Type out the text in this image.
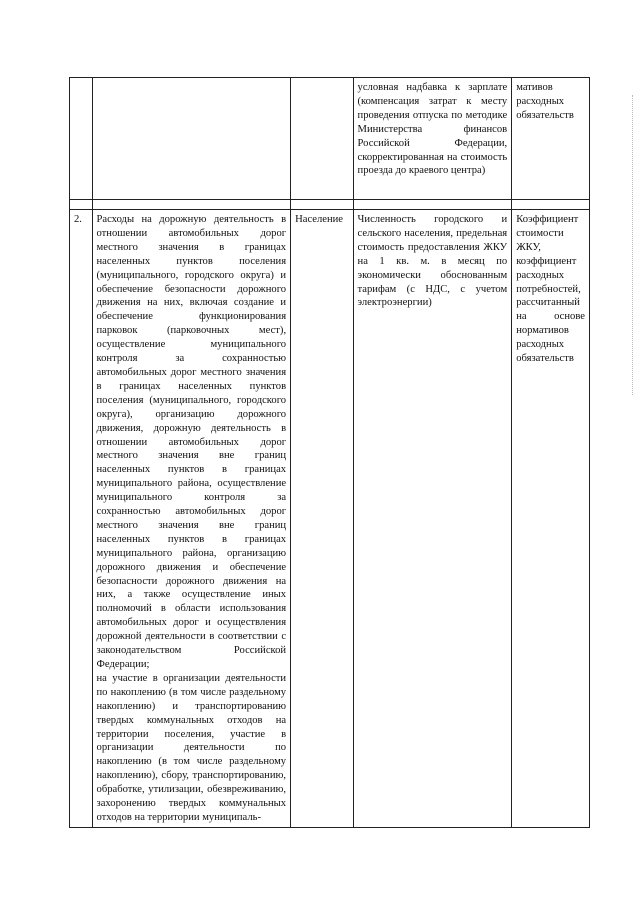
			условная надбавка к зарплате (компенсация затрат к месту проведения отпуска по методике Министерства финансов Российской Федерации, скорректированная на стоимость проезда до краевого центра)	мативов расходных обязательств

2.	Расходы на дорожную деятельность в отношении автомобильных дорог местного значения в границах населенных пунктов поселения (муниципального, городского округа) и обеспечение безопасности дорожного движения на них, включая создание и обеспечение функционирования парковок (парковочных мест), осуществление муниципального контроля за сохранностью автомобильных дорог местного значения в границах населенных пунктов поселения (муниципального, городского округа), организацию дорожного движения, дорожную деятельность в отношении автомобильных дорог местного значения вне границ населенных пунктов в границах муниципального района, осуществление муниципального контроля за сохранностью автомобильных дорог местного значения вне границ населенных пунктов в границах муниципального района, организацию дорожного движения и обеспечение безопасности дорожного движения на них, а также осуществление иных полномочий в области использования автомобильных дорог и осуществления дорожной деятельности в соответствии с законодательством Российской Федерации;
на участие в организации деятельности по накоплению (в том числе раздельному накоплению) и транспортированию твердых коммунальных отходов на территории поселения, участие в организации деятельности по накоплению (в том числе раздельному накоплению), сбору, транспортированию, обработке, утилизации, обезвреживанию, захоронению твердых коммунальных отходов на территории муниципаль-	Население	Численность городского и сельского населения, предельная стоимость предоставления ЖКУ на 1 кв. м. в месяц по экономически обоснованным тарифам (с НДС, с учетом электроэнергии)	Коэффициент стоимости ЖКУ, коэффициент расходных потребностей, рассчитанный на основе нормативов расходных обязательств
